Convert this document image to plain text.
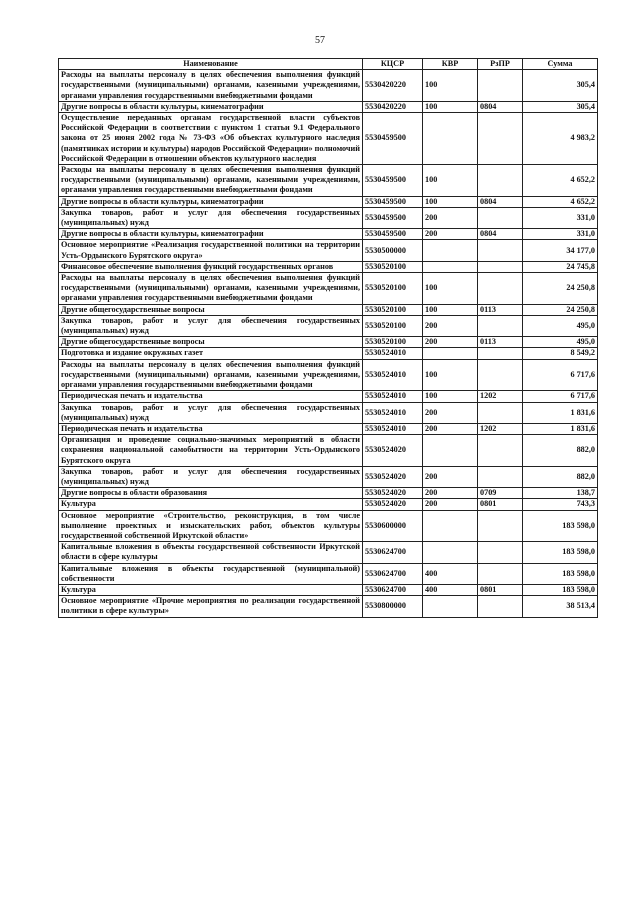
57
Наименование	КЦСР	КВР	РзПР	Сумма
Расходы на выплаты персоналу в целях обеспечения выполнения функций государственными (муниципальными) органами, казенными учреждениями, органами управления государственными внебюджетными фондами	5530420220	100		305,4
Другие вопросы в области культуры, кинематографии	5530420220	100	0804	305,4
Осуществление переданных органам государственной власти субъектов Российской Федерации в соответствии с пунктом 1 статьи 9.1 Федерального закона от 25 июня 2002 года № 73-ФЗ «Об объектах культурного наследия (памятниках истории и культуры) народов Российской Федерации» полномочий Российской Федерации в отношении объектов культурного наследия	5530459500			4 983,2
Расходы на выплаты персоналу в целях обеспечения выполнения функций государственными (муниципальными) органами, казенными учреждениями, органами управления государственными внебюджетными фондами	5530459500	100		4 652,2
Другие вопросы в области культуры, кинематографии	5530459500	100	0804	4 652,2
Закупка товаров, работ и услуг для обеспечения государственных (муниципальных) нужд	5530459500	200		331,0
Другие вопросы в области культуры, кинематографии	5530459500	200	0804	331,0
Основное мероприятие «Реализация государственной политики на территории Усть-Ордынского Бурятского округа»	5530500000			34 177,0
Финансовое обеспечение выполнения функций государственных органов	5530520100			24 745,8
Расходы на выплаты персоналу в целях обеспечения выполнения функций государственными (муниципальными) органами, казенными учреждениями, органами управления государственными внебюджетными фондами	5530520100	100		24 250,8
Другие общегосударственные вопросы	5530520100	100	0113	24 250,8
Закупка товаров, работ и услуг для обеспечения государственных (муниципальных) нужд	5530520100	200		495,0
Другие общегосударственные вопросы	5530520100	200	0113	495,0
Подготовка и издание окружных газет	5530524010			8 549,2
Расходы на выплаты персоналу в целях обеспечения выполнения функций государственными (муниципальными) органами, казенными учреждениями, органами управления государственными внебюджетными фондами	5530524010	100		6 717,6
Периодическая печать и издательства	5530524010	100	1202	6 717,6
Закупка товаров, работ и услуг для обеспечения государственных (муниципальных) нужд	5530524010	200		1 831,6
Периодическая печать и издательства	5530524010	200	1202	1 831,6
Организация и проведение социально-значимых мероприятий в области сохранения национальной самобытности на территории Усть-Ордынского Бурятского округа	5530524020			882,0
Закупка товаров, работ и услуг для обеспечения государственных (муниципальных) нужд	5530524020	200		882,0
Другие вопросы в области образования	5530524020	200	0709	138,7
Культура	5530524020	200	0801	743,3
Основное мероприятие «Строительство, реконструкция, в том числе выполнение проектных и изыскательских работ, объектов культуры государственной собственной Иркутской области»	5530600000			183 598,0
Капитальные вложения в объекты государственной собственности Иркутской области в сфере культуры	5530624700			183 598,0
Капитальные вложения в объекты государственной (муниципальной) собственности	5530624700	400		183 598,0
Культура	5530624700	400	0801	183 598,0
Основное мероприятие «Прочие мероприятия по реализации государственной политики в сфере культуры»	5530800000			38 513,4
